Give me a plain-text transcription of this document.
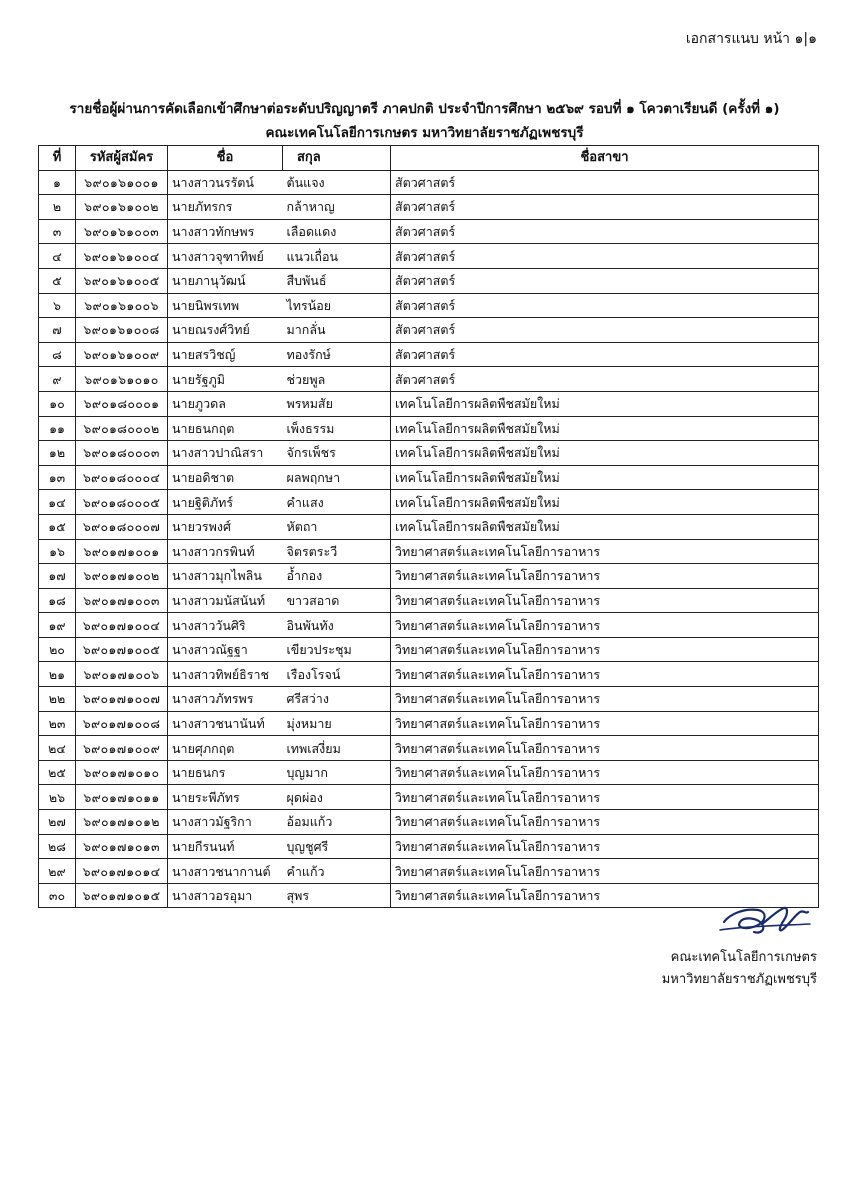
เอกสารแนบ หน้า ๑|๑
รายชื่อผู้ผ่านการคัดเลือกเข้าศึกษาต่อระดับปริญญาตรี ภาคปกติ ประจำปีการศึกษา ๒๕๖๙ รอบที่ ๑ โควตาเรียนดี (ครั้งที่ ๑)
คณะเทคโนโลยีการเกษตร มหาวิทยาลัยราชภัฏเพชรบุรี
ที่	รหัสผู้สมัคร	ชื่อ	สกุล	ชื่อสาขา
๑	๖๙๐๑๖๑๐๐๑	นางสาวนรรัตน์	ต้นแจง	สัตวศาสตร์
๒	๖๙๐๑๖๑๐๐๒	นายภัทรกร	กล้าหาญ	สัตวศาสตร์
๓	๖๙๐๑๖๑๐๐๓	นางสาวทักษพร	เลือดแดง	สัตวศาสตร์
๔	๖๙๐๑๖๑๐๐๔	นางสาวจุฑาทิพย์	แนวเถื่อน	สัตวศาสตร์
๕	๖๙๐๑๖๑๐๐๕	นายภานุวัฒน์	สืบพันธ์	สัตวศาสตร์
๖	๖๙๐๑๖๑๐๐๖	นายนิพรเทพ	ไทรน้อย	สัตวศาสตร์
๗	๖๙๐๑๖๑๐๐๘	นายณรงศ์วิทย์	มากลั่น	สัตวศาสตร์
๘	๖๙๐๑๖๑๐๐๙	นายสรวิชญ์	ทองรักษ์	สัตวศาสตร์
๙	๖๙๐๑๖๑๐๑๐	นายรัฐภูมิ	ช่วยพูล	สัตวศาสตร์
๑๐	๖๙๐๑๘๐๐๐๑	นายภูวดล	พรหมสัย	เทคโนโลยีการผลิตพืชสมัยใหม่
๑๑	๖๙๐๑๘๐๐๐๒	นายธนกฤต	เพ็งธรรม	เทคโนโลยีการผลิตพืชสมัยใหม่
๑๒	๖๙๐๑๘๐๐๐๓	นางสาวปาณิสรา	จักรเพ็ชร	เทคโนโลยีการผลิตพืชสมัยใหม่
๑๓	๖๙๐๑๘๐๐๐๔	นายอดิชาต	ผลพฤกษา	เทคโนโลยีการผลิตพืชสมัยใหม่
๑๔	๖๙๐๑๘๐๐๐๕	นายฐิติภัทร์	คำแสง	เทคโนโลยีการผลิตพืชสมัยใหม่
๑๕	๖๙๐๑๘๐๐๐๗	นายวรพงศ์	หัตถา	เทคโนโลยีการผลิตพืชสมัยใหม่
๑๖	๖๙๐๑๗๑๐๐๑	นางสาวกรพินท์	จิตรตระวี	วิทยาศาสตร์และเทคโนโลยีการอาหาร
๑๗	๖๙๐๑๗๑๐๐๒	นางสาวมุกไพลิน	อ้ำกอง	วิทยาศาสตร์และเทคโนโลยีการอาหาร
๑๘	๖๙๐๑๗๑๐๐๓	นางสาวมนัสนันท์	ขาวสอาด	วิทยาศาสตร์และเทคโนโลยีการอาหาร
๑๙	๖๙๐๑๗๑๐๐๔	นางสาววันศิริ	อินพันทัง	วิทยาศาสตร์และเทคโนโลยีการอาหาร
๒๐	๖๙๐๑๗๑๐๐๕	นางสาวณัฐฐา	เขียวประชุม	วิทยาศาสตร์และเทคโนโลยีการอาหาร
๒๑	๖๙๐๑๗๑๐๐๖	นางสาวทิพย์ธิราช	เรืองโรจน์	วิทยาศาสตร์และเทคโนโลยีการอาหาร
๒๒	๖๙๐๑๗๑๐๐๗	นางสาวภัทรพร	ศรีสว่าง	วิทยาศาสตร์และเทคโนโลยีการอาหาร
๒๓	๖๙๐๑๗๑๐๐๘	นางสาวชนานันท์	มุ่งหมาย	วิทยาศาสตร์และเทคโนโลยีการอาหาร
๒๔	๖๙๐๑๗๑๐๐๙	นายศุภกฤต	เทพเสงี่ยม	วิทยาศาสตร์และเทคโนโลยีการอาหาร
๒๕	๖๙๐๑๗๑๐๑๐	นายธนกร	บุญมาก	วิทยาศาสตร์และเทคโนโลยีการอาหาร
๒๖	๖๙๐๑๗๑๐๑๑	นายระพีภัทร	ผุดผ่อง	วิทยาศาสตร์และเทคโนโลยีการอาหาร
๒๗	๖๙๐๑๗๑๐๑๒	นางสาวมัฐริกา	อ้อมแก้ว	วิทยาศาสตร์และเทคโนโลยีการอาหาร
๒๘	๖๙๐๑๗๑๐๑๓	นายกีรนนท์	บุญชูศรี	วิทยาศาสตร์และเทคโนโลยีการอาหาร
๒๙	๖๙๐๑๗๑๐๑๔	นางสาวชนากานต์	คำแก้ว	วิทยาศาสตร์และเทคโนโลยีการอาหาร
๓๐	๖๙๐๑๗๑๐๑๕	นางสาวอรอุมา	สุพร	วิทยาศาสตร์และเทคโนโลยีการอาหาร
คณะเทคโนโลยีการเกษตร
มหาวิทยาลัยราชภัฏเพชรบุรี
